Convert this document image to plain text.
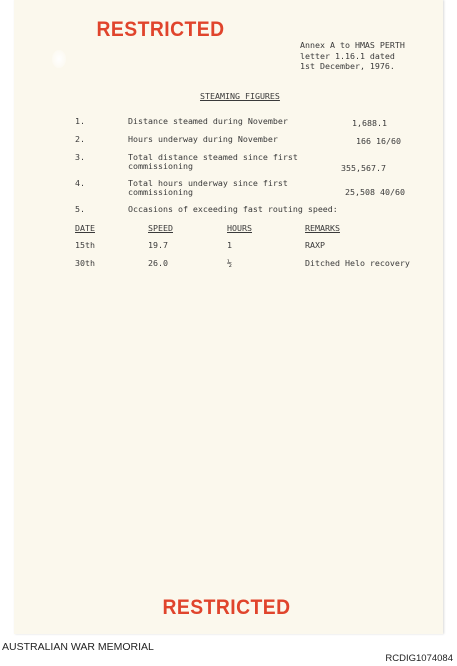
RESTRICTED
Annex A to HMAS PERTH
letter 1.16.1 dated
1st December, 1976.
STEAMING FIGURES
1.	Distance steamed during November	1,688.1
2.	Hours underway during November	166 16/60
3.	Total distance steamed since first
commissioning	355,567.7
4.	Total hours underway since first
commissioning	25,508 40/60
5.	Occasions of exceeding fast routing speed:
DATE	SPEED	HOURS	REMARKS
15th	19.7	1	RAXP
30th	26.0	½	Ditched Helo recovery
RESTRICTED
AUSTRALIAN WAR MEMORIAL
RCDIG1074084
